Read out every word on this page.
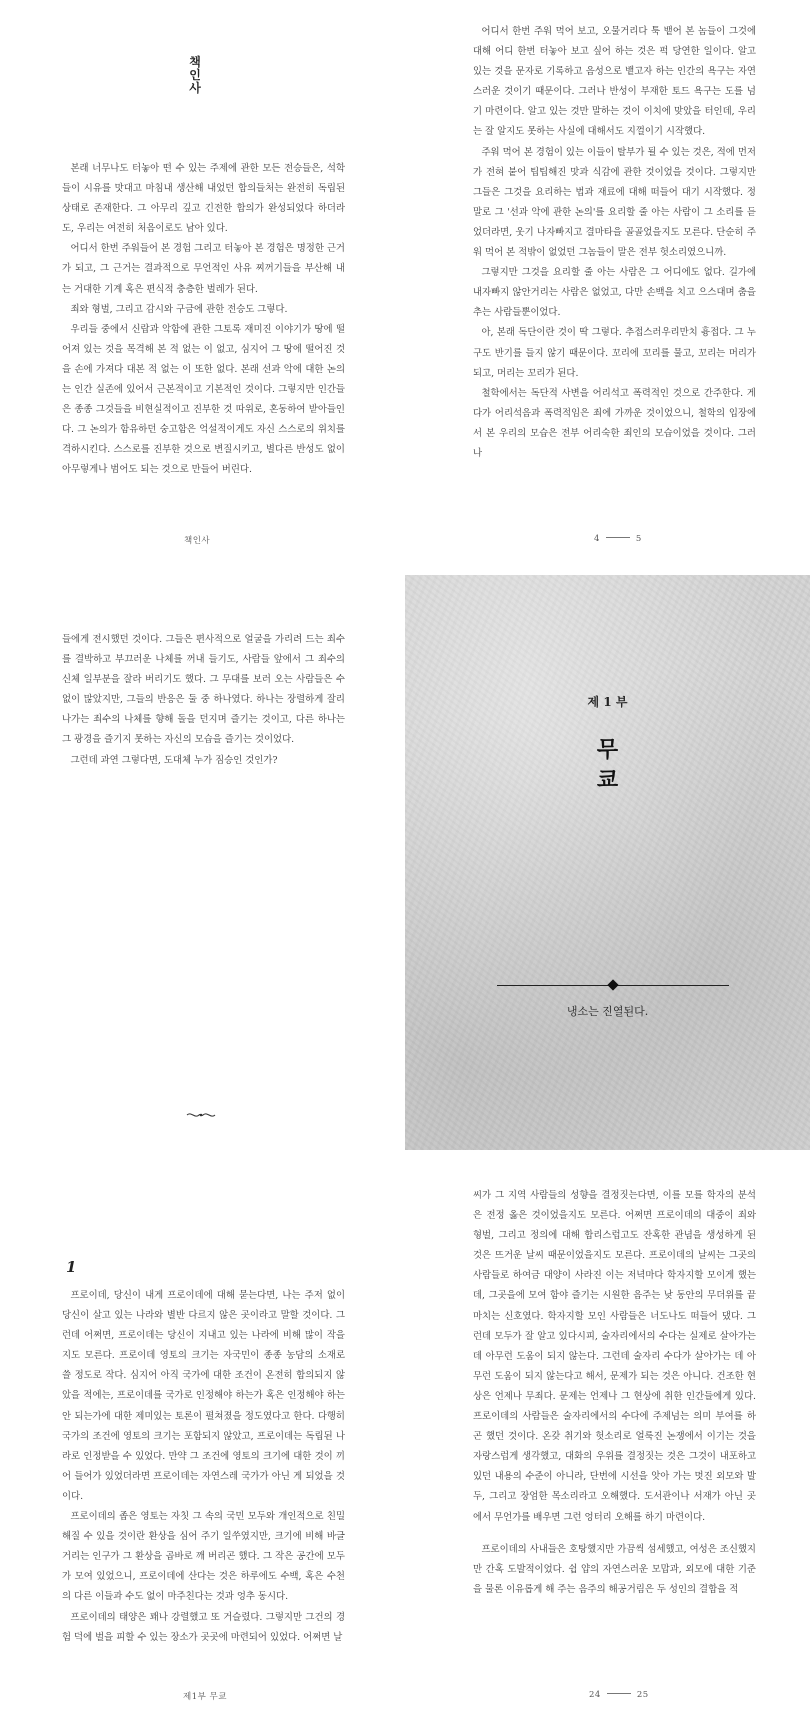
책인사

본래 너무나도 터놓아 떤 수 있는 주제에 관한 모든 전승들은, 석학들이 시유를 맛대고 마침내 생산해 내었던 합의들처는 완전히 독립된 상태로 존재한다. 그 아무리 깊고 긴전한 합의가 완성되었다 하더라도, 우리는 여전히 처음이로도 남아 있다.

어디서 한번 주워들어 본 경험 그리고 터놓아 본 경험은 명정한 근거가 되고, 그 근거는 결과적으로 무언적인 사유 찌꺼기들을 부산해 내는 거대한 기계 혹은 편식적 충층한 벌레가 된다.

죄와 형벌, 그리고 감시와 구금에 관한 전승도 그렇다.

우리들 중에서 신랍과 악함에 관한 그토록 재미진 이야기가 땅에 떨어져 있는 것을 목격해 본 적 없는 이 없고, 심지어 그 땅에 떨어진 것을 손에 가져다 대본 적 없는 이 또한 없다. 본래 선과 악에 대한 논의는 인간 실존에 있어서 근본적이고 기본적인 것이다. 그렇지만 인간들은 종종 그것들을 비현실적이고 진부한 것 따위로, 혼동하여 받아들인다. 그 논의가 함유하던 숭고함은 억설적이게도 자신 스스로의 위치를 격하시킨다. 스스로를 진부한 것으로 변질시키고, 별다른 반성도 없이 아무렇게나 범어도 되는 것으로 만들어 버린다.

책인사

어디서 한번 주워 먹어 보고, 오물거리다 툭 뱉어 본 놈들이 그것에 대해 어디 한번 터놓아 보고 싶어 하는 것은 퍽 당연한 일이다. 알고 있는 것을 문자로 기록하고 음성으로 뱉고자 하는 인간의 욕구는 자연스러운 것이기 때문이다. 그러나 반성이 부재한 토드 욕구는 도를 넘기 마련이다. 알고 있는 것만 말하는 것이 이치에 맞았을 터인데, 우리는 잘 알지도 못하는 사실에 대해서도 지껄이기 시작했다.

주워 먹어 본 경험이 있는 이들이 탈부가 될 수 있는 것은, 적에 먼저가 전혀 붙어 팁팁해진 맛과 식감에 관한 것이었을 것이다. 그렇지만 그들은 그것을 요리하는 법과 재료에 대해 떠들어 대기 시작했다. 정말로 그 '선과 악에 관한 논의'를 요리할 줄 아는 사람이 그 소리를 듣었더라면, 웃기 나자빠지고 결마타을 골골었을지도 모른다. 단순히 주워 먹어 본 적밖이 없었던 그놈들이 말은 전부 헛소리였으니까.

그렇지만 그것을 요리할 줄 아는 사람은 그 어디에도 없다. 길가에 내자빠지 않안거리는 사람은 없었고, 다만 손백을 치고 으스대며 춤을 추는 사람들뿐이었다.

아, 본래 독단이란 것이 딱 그렇다. 추접스러우리만치 흉접다. 그 누구도 반기를 들지 않기 때문이다. 꼬리에 꼬리를 물고, 꼬리는 머리가 되고, 머리는 꼬리가 된다.

철학에서는 독단적 사변을 어리석고 폭력적인 것으로 간주한다. 게다가 어리석음과 폭력적임은 죄에 가까운 것이었으니, 철학의 입장에서 본 우리의 모습은 전부 어리숙한 죄인의 모습이었을 것이다. 그러나

4	5

들에게 전시했던 것이다. 그들은 편사적으로 얼굴을 가리려 드는 죄수를 결박하고 부끄러운 나체를 꺼내 들기도, 사람들 앞에서 그 죄수의 신체 일부분을 잘라 버리기도 했다. 그 무대를 보러 오는 사람들은 수없이 많았지만, 그들의 반응은 둘 중 하나였다. 하나는 장렬하게 잘리 나가는 죄수의 나체를 향해 돌을 던지며 즐기는 것이고, 다른 하나는 그 광경을 즐기지 못하는 자신의 모습을 즐기는 것이었다.

그런데 과연 그렇다면, 도대체 누가 짐승인 것인가?

제 1 부
무
쿄
냉소는 진열된다.
1

프로이데, 당신이 내게 프로이데에 대해 묻는다면, 나는 주저 없이 당신이 살고 있는 나라와 별반 다르지 않은 곳이라고 말할 것이다. 그런데 어쩌면, 프로이데는 당신이 지내고 있는 나라에 비해 많이 작을지도 모른다. 프로이데 영토의 크기는 자국민이 종종 농담의 소재로 쓸 정도로 작다. 심지어 아직 국가에 대한 조건이 온전히 합의되지 않았을 적에는, 프로이데를 국가로 인정해야 하는가 혹은 인정해야 하는 안 되는가에 대한 제미있는 토론이 펼쳐졌을 정도였다고 한다. 다행히 국가의 조건에 영토의 크기는 포함되지 않았고, 프로이데는 독립된 나라로 인정받을 수 있었다. 만약 그 조건에 영토의 크기에 대한 것이 끼어 들어가 있었더라면 프로이데는 자연스레 국가가 아닌 게 되었을 것이다.

프로이데의 좁은 영토는 자칫 그 속의 국민 모두와 개인적으로 친밀해질 수 있을 것이란 환상을 심어 주기 일쑤였지만, 크기에 비해 바글거리는 인구가 그 환상을 곱바로 깨 버리곤 했다. 그 작은 공간에 모두가 모여 있었으니, 프로이데에 산다는 것은 하루에도 수백, 혹은 수천의 다른 이들과 수도 없이 마주친다는 것과 엉추 동시다.

프로이데의 태양은 꽤나 강렬했고 또 거슬렸다. 그렇지만 그건의 경험 덕에 벌을 피할 수 있는 장소가 곳곳에 마련되어 있었다. 어쩌면 날

제1부 무쿄

씨가 그 지역 사람들의 성향을 결정짓는다면, 이를 모를 학자의 분석은 전정 옳은 것이었을지도 모른다. 어쩌면 프로이데의 대중이 죄와 형벌, 그리고 정의에 대해 합리스럽고도 잔혹한 관념을 생성하게 된 것은 뜨거운 날씨 때문이었을지도 모른다. 프로이데의 날씨는 그곳의 사람들로 하여금 대양이 사라진 이는 저녁마다 학자지할 모이게 했는데, 그곳을에 모여 함야 즐기는 시원한 음주는 낮 동안의 무더위를 끝마치는 신호였다. 학자지할 모인 사람들은 너도나도 떠들어 댔다. 그런데 모두가 잘 알고 있다시피, 술자리에서의 수다는 실제로 살아가는데 아무런 도움이 되지 않는다. 그런데 술자리 수다가 살아가는 데 아무런 도움이 되지 않는다고 해서, 문제가 되는 것은 아니다. 건조한 현상은 언제나 무죄다. 문제는 언제나 그 현상에 취한 인간들에게 있다. 프로이데의 사람들은 술자리에서의 수다에 주제넘는 의미 부여를 하곤 했던 것이다. 온갖 취기와 헛소리로 얼룩진 논쟁에서 이기는 것을 자랑스럽게 생각했고, 대화의 우위를 결정짓는 것은 그것이 내포하고 있던 내용의 수준이 아니라, 단번에 시선을 앗아 가는 멋진 외모와 발두, 그리고 장엄한 목소리라고 오해했다. 도서관이나 서재가 아닌 곳에서 무언가를 배우면 그런 엉터리 오해를 하기 마련이다.

프로이데의 사내들은 호탕했지만 가끔씩 섬세했고, 여성은 조신했지만 간혹 도발적이었다. 쉽 얍의 자연스러운 모맙과, 외모에 대한 기준을 물론 이유롭게 해 주는 음주의 해공거림은 두 성인의 결합을 적

24	25
